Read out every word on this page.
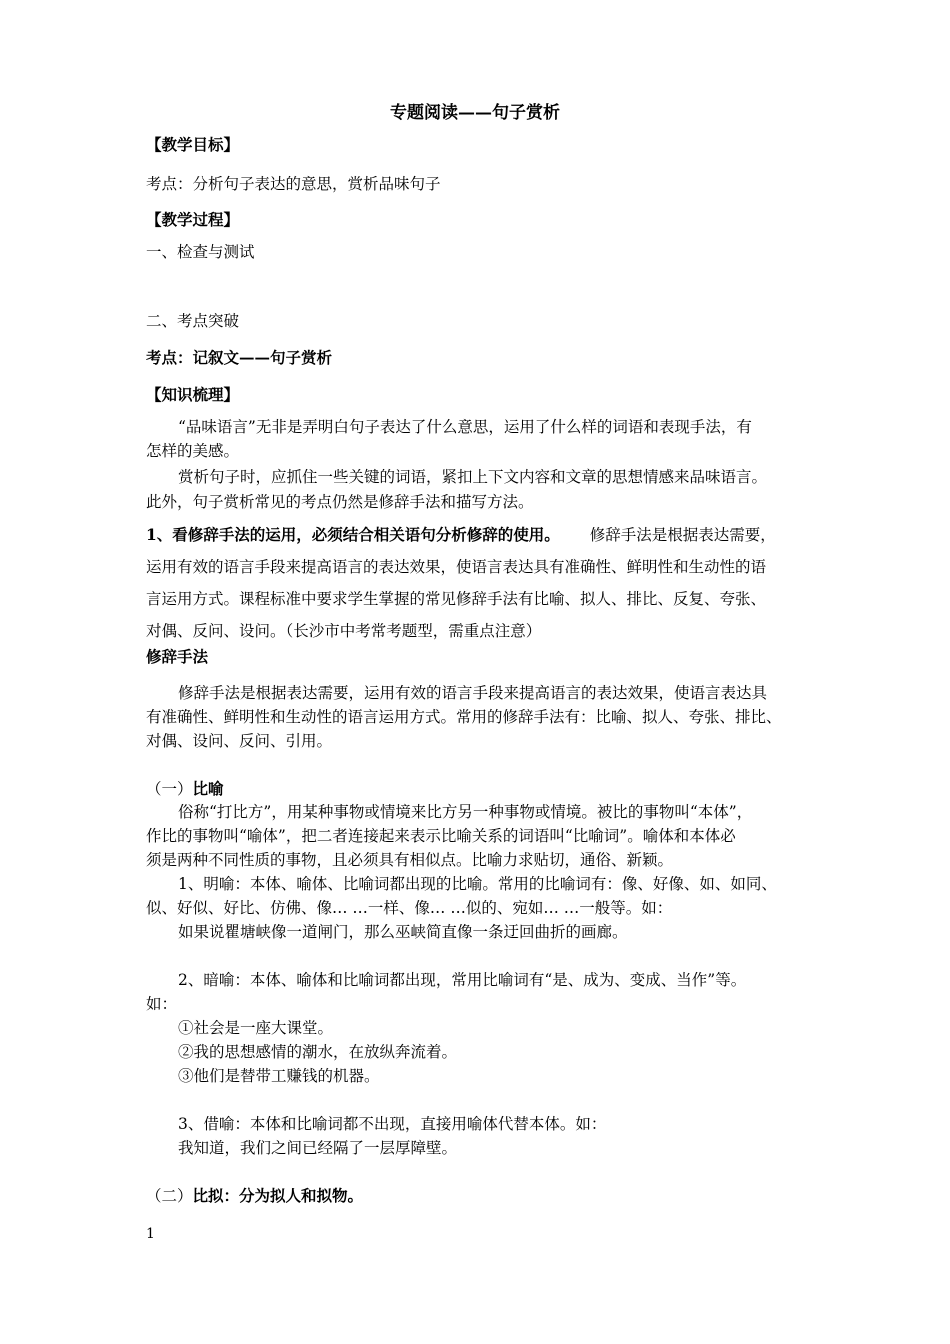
专题阅读——句子赏析
【教学目标】
考点：分析句子表达的意思，赏析品味句子
【教学过程】
一、检查与测试
二、考点突破
考点：记叙文——句子赏析
【知识梳理】
“品味语言”无非是弄明白句子表达了什么意思，运用了什么样的词语和表现手法，有
怎样的美感。
赏析句子时，应抓住一些关键的词语，紧扣上下文内容和文章的思想情感来品味语言。
此外，句子赏析常见的考点仍然是修辞手法和描写方法。
1、看修辞手法的运用，必须结合相关语句分析修辞的使用。 修辞手法是根据表达需要，
运用有效的语言手段来提高语言的表达效果，使语言表达具有准确性、鲜明性和生动性的语
言运用方式。课程标准中要求学生掌握的常见修辞手法有比喻、拟人、排比、反复、夸张、
对偶、反问、设问。（长沙市中考常考题型，需重点注意）
修辞手法
修辞手法是根据表达需要，运用有效的语言手段来提高语言的表达效果，使语言表达具
有准确性、鲜明性和生动性的语言运用方式。常用的修辞手法有：比喻、拟人、夸张、排比、
对偶、设问、反问、引用。
（一）比喻
俗称“打比方”，用某种事物或情境来比方另一种事物或情境。被比的事物叫“本体”，
作比的事物叫“喻体”，把二者连接起来表示比喻关系的词语叫“比喻词”。喻体和本体必
须是两种不同性质的事物，且必须具有相似点。比喻力求贴切，通俗、新颖。
1、明喻：本体、喻体、比喻词都出现的比喻。常用的比喻词有：像、好像、如、如同、
似、好似、好比、仿佛、像… …一样、像… …似的、宛如… …一般等。如：
如果说瞿塘峡像一道闸门，那么巫峡简直像一条迂回曲折的画廊。
2、暗喻：本体、喻体和比喻词都出现，常用比喻词有“是、成为、变成、当作”等。
如：
①社会是一座大课堂。
②我的思想感情的潮水，在放纵奔流着。
③他们是替带工赚钱的机器。
3、借喻：本体和比喻词都不出现，直接用喻体代替本体。如：
我知道，我们之间已经隔了一层厚障壁。
（二）比拟：分为拟人和拟物。
1
